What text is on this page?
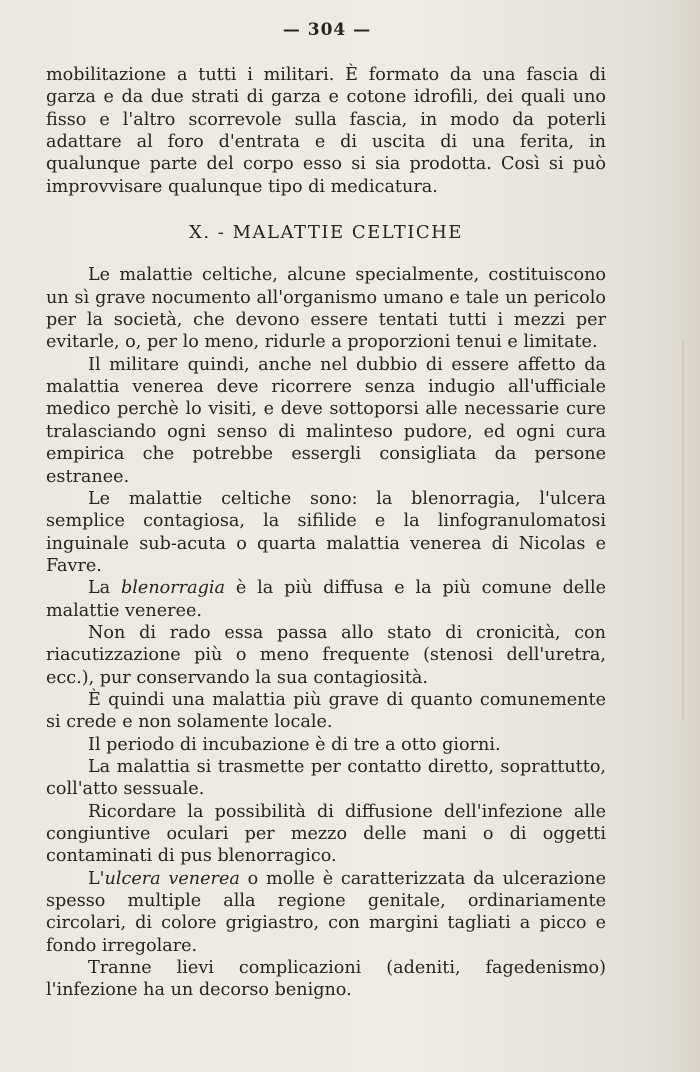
— 304 —

mobilitazione a tutti i militari. È formato da una fascia di garza e da due strati di garza e cotone idrofili, dei quali uno fisso e l'altro scorrevole sulla fascia, in modo da poterli adattare al foro d'entrata e di uscita di una ferita, in qualunque parte del corpo esso si sia prodotta. Così si può improvvisare qualunque tipo di medicatura.

X. - MALATTIE CELTICHE

Le malattie celtiche, alcune specialmente, costituiscono un sì grave nocumento all'organismo umano e tale un pericolo per la società, che devono essere tentati tutti i mezzi per evitarle, o, per lo meno, ridurle a proporzioni tenui e limitate.

Il militare quindi, anche nel dubbio di essere affetto da malattia venerea deve ricorrere senza indugio all'ufficiale medico perchè lo visiti, e deve sottoporsi alle necessarie cure tralasciando ogni senso di malinteso pudore, ed ogni cura empirica che potrebbe essergli consigliata da persone estranee.

Le malattie celtiche sono: la blenorragia, l'ulcera semplice contagiosa, la sifilide e la linfogranulomatosi inguinale sub-acuta o quarta malattia venerea di Nicolas e Favre.

La blenorragia è la più diffusa e la più comune delle malattie veneree.

Non di rado essa passa allo stato di cronicità, con riacutizzazione più o meno frequente (stenosi dell'uretra, ecc.), pur conservando la sua contagiosità.

È quindi una malattia più grave di quanto comunemente si crede e non solamente locale.

Il periodo di incubazione è di tre a otto giorni.

La malattia si trasmette per contatto diretto, soprattutto, coll'atto sessuale.

Ricordare la possibilità di diffusione dell'infezione alle congiuntive oculari per mezzo delle mani o di oggetti contaminati di pus blenorragico.

L'ulcera venerea o molle è caratterizzata da ulcerazione spesso multiple alla regione genitale, ordinariamente circolari, di colore grigiastro, con margini tagliati a picco e fondo irregolare.

Tranne lievi complicazioni (adeniti, fagedenismo) l'infezione ha un decorso benigno.
